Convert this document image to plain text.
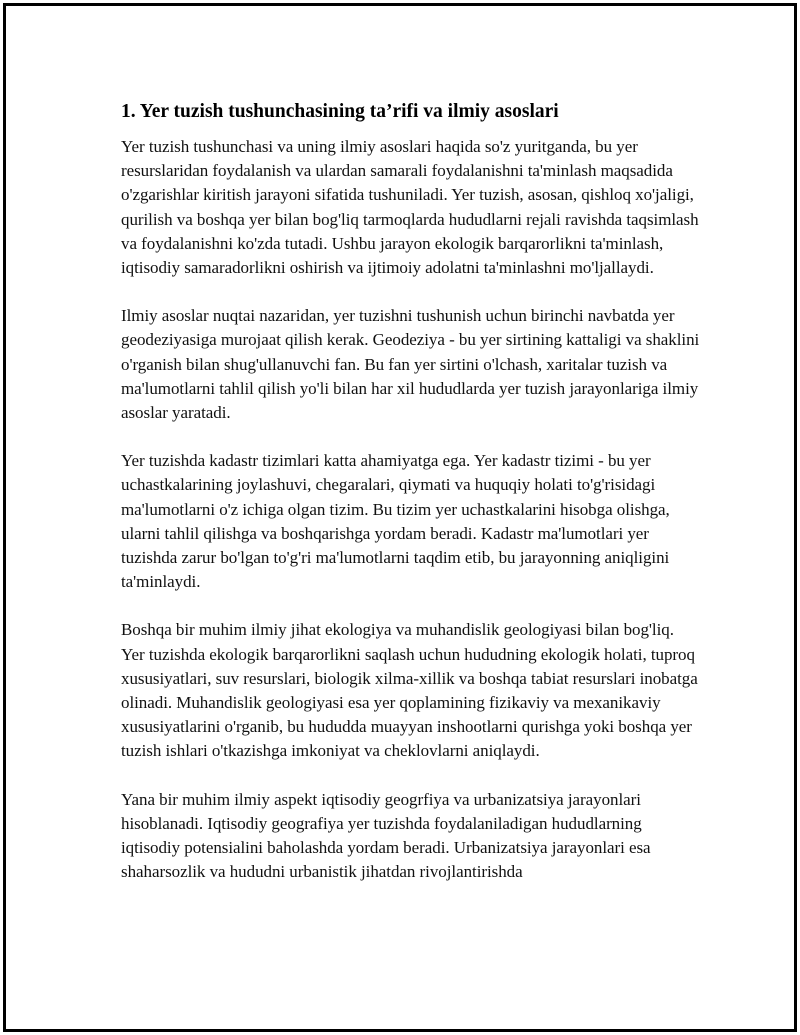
1. Yer tuzish tushunchasining ta’rifi va ilmiy asoslari

Yer tuzish tushunchasi va uning ilmiy asoslari haqida so'z yuritganda, bu yer resurslaridan foydalanish va ulardan samarali foydalanishni ta'minlash maqsadida o'zgarishlar kiritish jarayoni sifatida tushuniladi. Yer tuzish, asosan, qishloq xo'jaligi, qurilish va boshqa yer bilan bog'liq tarmoqlarda hududlarni rejali ravishda taqsimlash va foydalanishni ko'zda tutadi. Ushbu jarayon ekologik barqarorlikni ta'minlash, iqtisodiy samaradorlikni oshirish va ijtimoiy adolatni ta'minlashni mo'ljallaydi.

Ilmiy asoslar nuqtai nazaridan, yer tuzishni tushunish uchun birinchi navbatda yer geodeziyasiga murojaat qilish kerak. Geodeziya - bu yer sirtining kattaligi va shaklini o'rganish bilan shug'ullanuvchi fan. Bu fan yer sirtini o'lchash, xaritalar tuzish va ma'lumotlarni tahlil qilish yo'li bilan har xil hududlarda yer tuzish jarayonlariga ilmiy asoslar yaratadi.

Yer tuzishda kadastr tizimlari katta ahamiyatga ega. Yer kadastr tizimi - bu yer uchastkalarining joylashuvi, chegaralari, qiymati va huquqiy holati to'g'risidagi ma'lumotlarni o'z ichiga olgan tizim. Bu tizim yer uchastkalarini hisobga olishga, ularni tahlil qilishga va boshqarishga yordam beradi. Kadastr ma'lumotlari yer tuzishda zarur bo'lgan to'g'ri ma'lumotlarni taqdim etib, bu jarayonning aniqligini ta'minlaydi.

Boshqa bir muhim ilmiy jihat ekologiya va muhandislik geologiyasi bilan bog'liq. Yer tuzishda ekologik barqarorlikni saqlash uchun hududning ekologik holati, tuproq xususiyatlari, suv resurslari, biologik xilma-xillik va boshqa tabiat resurslari inobatga olinadi. Muhandislik geologiyasi esa yer qoplamining fizikaviy va mexanikaviy xususiyatlarini o'rganib, bu hududda muayyan inshootlarni qurishga yoki boshqa yer tuzish ishlari o'tkazishga imkoniyat va cheklovlarni aniqlaydi.

Yana bir muhim ilmiy aspekt iqtisodiy geogrfiya va urbanizatsiya jarayonlari hisoblanadi. Iqtisodiy geografiya yer tuzishda foydalaniladigan hududlarning iqtisodiy potensialini baholashda yordam beradi. Urbanizatsiya jarayonlari esa shaharsozlik va hududni urbanistik jihatdan rivojlantirishda
